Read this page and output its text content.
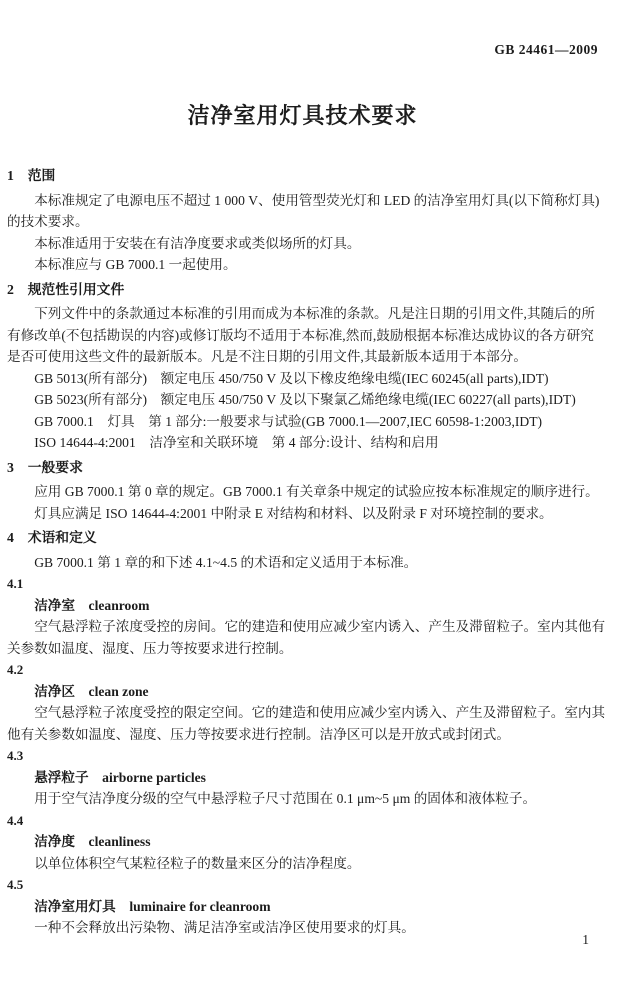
GB 24461—2009
洁净室用灯具技术要求
1　范围
本标准规定了电源电压不超过 1 000 V、使用管型荧光灯和 LED 的洁净室用灯具(以下简称灯具)
的技术要求。
本标准适用于安装在有洁净度要求或类似场所的灯具。
本标准应与 GB 7000.1 一起使用。
2　规范性引用文件
下列文件中的条款通过本标准的引用而成为本标准的条款。凡是注日期的引用文件,其随后的所
有修改单(不包括勘误的内容)或修订版均不适用于本标准,然而,鼓励根据本标准达成协议的各方研究
是否可使用这些文件的最新版本。凡是不注日期的引用文件,其最新版本适用于本部分。
GB 5013(所有部分)　额定电压 450/750 V 及以下橡皮绝缘电缆(IEC 60245(all parts),IDT)
GB 5023(所有部分)　额定电压 450/750 V 及以下聚氯乙烯绝缘电缆(IEC 60227(all parts),IDT)
GB 7000.1　灯具　第 1 部分:一般要求与试验(GB 7000.1—2007,IEC 60598-1:2003,IDT)
ISO 14644-4:2001　洁净室和关联环境　第 4 部分:设计、结构和启用
3　一般要求
应用 GB 7000.1 第 0 章的规定。GB 7000.1 有关章条中规定的试验应按本标准规定的顺序进行。
灯具应满足 ISO 14644-4:2001 中附录 E 对结构和材料、以及附录 F 对环境控制的要求。
4　术语和定义
GB 7000.1 第 1 章的和下述 4.1~4.5 的术语和定义适用于本标准。
4.1
洁净室　cleanroom
空气悬浮粒子浓度受控的房间。它的建造和使用应减少室内诱入、产生及滞留粒子。室内其他有
关参数如温度、湿度、压力等按要求进行控制。
4.2
洁净区　clean zone
空气悬浮粒子浓度受控的限定空间。它的建造和使用应减少室内诱入、产生及滞留粒子。室内其
他有关参数如温度、湿度、压力等按要求进行控制。洁净区可以是开放式或封闭式。
4.3
悬浮粒子　airborne particles
用于空气洁净度分级的空气中悬浮粒子尺寸范围在 0.1 μm~5 μm 的固体和液体粒子。
4.4
洁净度　cleanliness
以单位体积空气某粒径粒子的数量来区分的洁净程度。
4.5
洁净室用灯具　luminaire for cleanroom
一种不会释放出污染物、满足洁净室或洁净区使用要求的灯具。
1
